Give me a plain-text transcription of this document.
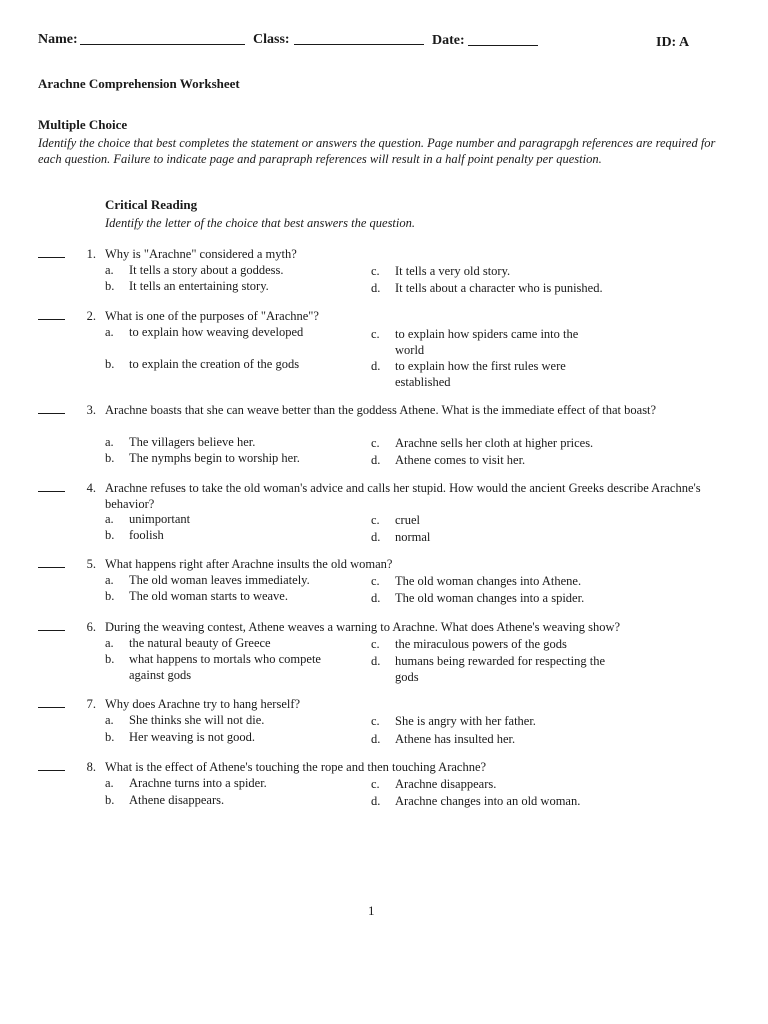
Name:	Class:	Date:	ID: A
Arachne Comprehension Worksheet
Multiple Choice
Identify the choice that best completes the statement or answers the question. Page number and paragrapgh references are required for each question. Failure to indicate page and parapraph references will result in a half point penalty per question.
Critical Reading
Identify the letter of the choice that best answers the question.
1. Why is "Arachne" considered a myth?
a. It tells a story about a goddess.
b. It tells an entertaining story.
c. It tells a very old story.
d. It tells about a character who is punished.
2. What is one of the purposes of "Arachne"?
a. to explain how weaving developed
b. to explain the creation of the gods
c. to explain how spiders came into the world
d. to explain how the first rules were established
3. Arachne boasts that she can weave better than the goddess Athene. What is the immediate effect of that boast?
a. The villagers believe her.
b. The nymphs begin to worship her.
c. Arachne sells her cloth at higher prices.
d. Athene comes to visit her.
4. Arachne refuses to take the old woman's advice and calls her stupid. How would the ancient Greeks describe Arachne's behavior?
a. unimportant
b. foolish
c. cruel
d. normal
5. What happens right after Arachne insults the old woman?
a. The old woman leaves immediately.
b. The old woman starts to weave.
c. The old woman changes into Athene.
d. The old woman changes into a spider.
6. During the weaving contest, Athene weaves a warning to Arachne. What does Athene's weaving show?
a. the natural beauty of Greece
b. what happens to mortals who compete against gods
c. the miraculous powers of the gods
d. humans being rewarded for respecting the gods
7. Why does Arachne try to hang herself?
a. She thinks she will not die.
b. Her weaving is not good.
c. She is angry with her father.
d. Athene has insulted her.
8. What is the effect of Athene's touching the rope and then touching Arachne?
a. Arachne turns into a spider.
b. Athene disappears.
c. Arachne disappears.
d. Arachne changes into an old woman.
1
